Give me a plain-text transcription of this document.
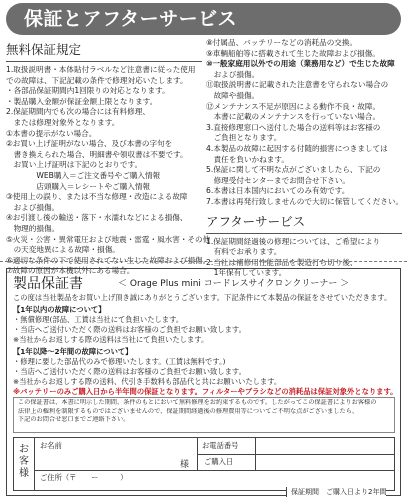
保証とアフターサービス
無料保証規定
1.取扱説明書・本体貼付ラベルなど注意書に従った使用
での故障は、下記記載の条件で修理対応いたします。
・各部品保証期間内1回限りの対応となります。
・製品購入金額が保証金額上限となります。
2.保証期間内でも次の場合には有料修理、
　または修理対象外となります。
①本書の提示がない場合。
②お買い上げ証明がない場合、及び本書の字句を
　書き換えられた場合、明細書や領収書は不要です。
　お買い上げ証明は下記のとおりです。
　　　　WEB購入＝ご注文番号やご購入情報
　　　　店頭購入＝レシートやご購入情報
③使用上の誤り、または不当な修理・改造による故障
　および損傷。
④お引渡し後の輸送・落下・水濡れなどによる損傷、
　物理的損傷。
⑤火災・公害・異常電圧および地震・雷霆・風水害・その他
　の天変地異による故障・損傷。
⑥適切な条件の下で使用されてない生じた故障および損傷。
⑦故障の原因が本機以外にある場合。
⑧付属品、バッテリーなどの消耗品の交換。
⑨車輌船舶等に搭載されて生じた故障および損傷。
⑩一般家庭用以外での用途（業務用など）で生じた故障
　および損傷。
⑪取扱説明書に記載された注意書を守られない場合の
　故障や損傷。
⑫メンテナンス不足が原因による動作不良・故障。
　本書に記載のメンテナンスを行っていない場合。
3.直接修理窓口へ送付した場合の送料等はお客様の
　ご負担となります。
4.本製品の故障に起因する付随的損害につきましては
　責任を負いかねます。
5.保証に関して不明な点がございましたら、下記の
　修理受付センターまでお問合せ下さい。
6.本書は日本国内においてのみ有効です。
7.本書は再発行致しませんので大切に保管してください。
アフターサービス
1.保証期間経過後の修理については、ご希望により
　有料でお承ります。
2.当社は補修用性能部品を製造打ち切り後、
　1年保有しています。
製品保証書	＜ Orage Plus mini コードレスサイクロンクリーナー ＞
この度は当社製品をお買い上げ頂き誠にありがとうございます。下記条件にて本製品の保証をさせていただきます。
【1年以内の故障について】
・無償修理(部品、工賃は当社にて負担いたします。
・当店へご送付いただく際の送料はお客様のご負担でお願い致します。
※当社からお返しする際の送料は当社にて負担いたします。
【1年以降～2年間の故障について】
・修理に要した部品代のみで修理いたします。(工賃は無料です。)
・当店へご送付いただく際の送料はお客様のご負担でお願い致します。
※当社からお返しする際の送料、代引き手数料も部品代と共にお願いいたします。
※バッテリーのみご購入日から半年間の保証となります。フィルターやブラシなどの消耗品は保証対象外となります。
この保証書は、本書に明示した期間、条件のもとにおいて無料修理をお約束するものです。したがってこの保証書によりお客様の
法律上の権利を制限するものではございませんので、保証期間経過後の修理費用等についてご不明な点がございましたら、
下記のお問合せ窓口までご連絡下さい。
お
客
様
お名前
様
お電話番号
ご購入日
ご住所（〒　　ー　　　）
保証期間　ご購入日より2年間
